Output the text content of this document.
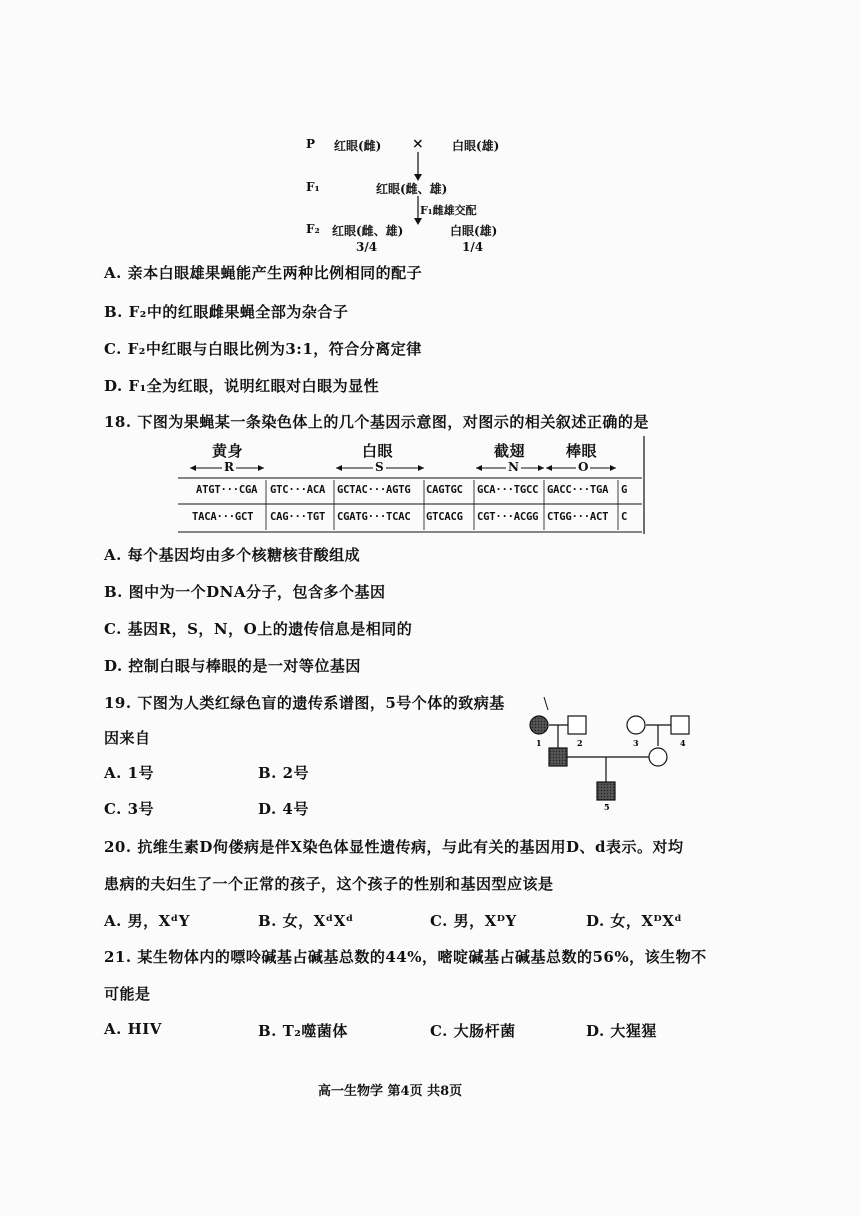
P 红眼(雌) × 白眼(雄)
F₁	红眼(雌、雄)
F₁雌雄交配
F₂ 红眼(雌、雄)
3/4
白眼(雄)
1/4
A. 亲本白眼雄果蝇能产生两种比例相同的配子
B. F₂中的红眼雌果蝇全部为杂合子
C. F₂中红眼与白眼比例为3:1，符合分离定律
D. F₁全为红眼，说明红眼对白眼为显性
18. 下图为果蝇某一条染色体上的几个基因示意图，对图示的相关叙述正确的是
黄身	白眼	截翅	棒眼
R	S	N	O
ATGT···CGA GTC···ACA GCTAC···AGTG CAGTGC GCA···TGCC GACC···TGA G
TACA···GCT CAG···TGT CGATG···TCAC GTCACG CGT···ACGG CTGG···ACT C
A. 每个基因均由多个核糖核苷酸组成
B. 图中为一个DNA分子，包含多个基因
C. 基因R，S，N，O上的遗传信息是相同的
D. 控制白眼与棒眼的是一对等位基因
19. 下图为人类红绿色盲的遗传系谱图，5号个体的致病基
因来自
A. 1号	B. 2号
C. 3号	D. 4号
1	2	3	4
5
20. 抗维生素D佝偻病是伴X染色体显性遗传病，与此有关的基因用D、d表示。对均
患病的夫妇生了一个正常的孩子，这个孩子的性别和基因型应该是
A. 男，XᵈY	B. 女，XᵈXᵈ	C. 男，XᴰY	D. 女，XᴰXᵈ
21. 某生物体内的嘌呤碱基占碱基总数的44%，嘧啶碱基占碱基总数的56%，该生物不
可能是
A. HIV	B. T₂噬菌体	C. 大肠杆菌	D. 大猩猩
高一生物学 第4页 共8页
